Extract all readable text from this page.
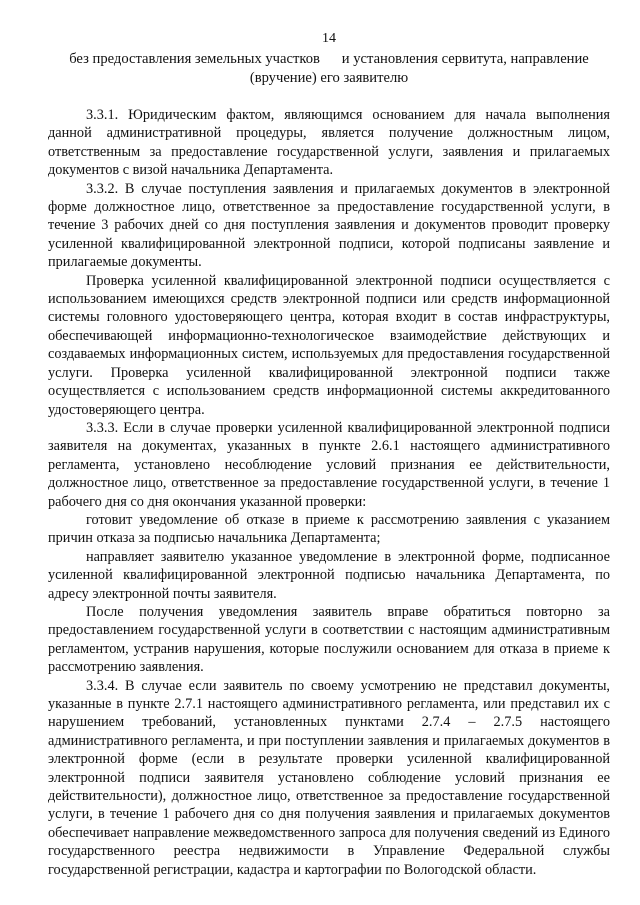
14
без предоставления земельных участков      и установления сервитута, направление
(вручение) его заявителю

3.3.1. Юридическим фактом, являющимся основанием для начала выполнения данной административной процедуры, является получение должностным лицом, ответственным за предоставление государственной услуги, заявления и прилагаемых документов с визой начальника Департамента.

3.3.2. В случае поступления заявления и прилагаемых документов в электронной форме должностное лицо, ответственное за предоставление государственной услуги, в течение 3 рабочих дней со дня поступления заявления и документов проводит проверку усиленной квалифицированной электронной подписи, которой подписаны заявление и прилагаемые документы.

Проверка усиленной квалифицированной электронной подписи осуществляется с использованием имеющихся средств электронной подписи или средств информационной системы головного удостоверяющего центра, которая входит в состав инфраструктуры, обеспечивающей информационно-технологическое взаимодействие действующих и создаваемых информационных систем, используемых для предоставления государственной услуги. Проверка усиленной квалифицированной электронной подписи также осуществляется с использованием средств информационной системы аккредитованного удостоверяющего центра.

3.3.3. Если в случае проверки усиленной квалифицированной электронной подписи заявителя на документах, указанных в пункте 2.6.1 настоящего административного регламента, установлено несоблюдение условий признания ее действительности, должностное лицо, ответственное за предоставление государственной услуги, в течение 1 рабочего дня со дня окончания указанной проверки:

готовит уведомление об отказе в приеме к рассмотрению заявления с указанием причин отказа за подписью начальника Департамента;

направляет заявителю указанное уведомление в электронной форме, подписанное усиленной квалифицированной электронной подписью начальника Департамента, по адресу электронной почты заявителя.

После получения уведомления заявитель вправе обратиться повторно за предоставлением государственной услуги в соответствии с настоящим административным регламентом, устранив нарушения, которые послужили основанием для отказа в приеме к рассмотрению заявления.

3.3.4. В случае если заявитель по своему усмотрению не представил документы, указанные в пункте 2.7.1 настоящего административного регламента, или представил их с нарушением требований, установленных пунктами 2.7.4 – 2.7.5 настоящего административного регламента, и при поступлении заявления и прилагаемых документов в электронной форме (если в результате проверки усиленной квалифицированной электронной подписи заявителя установлено соблюдение условий признания ее действительности), должностное лицо, ответственное за предоставление государственной услуги, в течение 1 рабочего дня со дня получения заявления и прилагаемых документов обеспечивает направление межведомственного запроса для получения сведений из Единого государственного реестра недвижимости в Управление Федеральной службы государственной регистрации, кадастра и картографии по Вологодской области.
